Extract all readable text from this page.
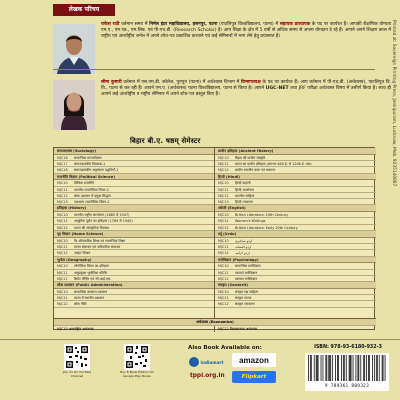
लेखक परिचय
राकेश राठी वर्तमान समय में निर्मल इंटर महाविद्यालय, हसनपुर, पटना (पाटलिपुत्र विश्वविद्यालय, पटना) में सहायक प्राध्यापक के पद पर कार्यरत हैं। आपकी शैक्षणिक योग्यता एम.ए., एम.एड., एम.लिब. एवं पी-एच.डी. (Research Scholar) है। आप शिक्षा के क्षेत्र में 5 वर्षों से अधिक समय से अपना योगदान दे रहे हैं। आपने अपने शिक्षण काल में राष्ट्रीय एवं अंतर्राष्ट्रीय जर्नल में अपने शोध-पत्र प्रकाशित करवाने एवं कई सेमिनारों में भाग लेने हेतु प्रयासरत हैं।
सीमा कुमारी वर्तमान में एस.एम.डी. कॉलेज, पुनपुन (पटना) में अर्थशास्त्र विभाग में विभागाध्यक्ष के पद पर कार्यरत हैं। आप वर्तमान में पी-एच.डी. (अर्थशास्त्र), पाटलिपुत्र वि. वि., पटना से कर रही हैं। आपने एम.ए. (अर्थशास्त्र) पटना विश्वविद्यालय, पटना से किया है। आपने UGC-NET तथा JRF परीक्षा अर्थशास्त्र विषय में उत्तीर्ण किया है। साथ ही आपने कई अंतर्राष्ट्रीय व राष्ट्रीय सेमिनार में अपने शोध-पत्र प्रस्तुत किए हैं।
बिहार बी.ए. षष्ठम् सेमेस्टर
समाजशास्त्र (Sociology)
MJC16 सामाजिक मानवविज्ञान
MJC17 समाजशास्त्रीय विचारक-1
MJC18 समाजशास्त्रीय अनुसंधान पद्धतियाँ-1
राजनीति विज्ञान (Political Science)
MJC10 वैश्विक राजनीति
MJC11 भारतीय राजनीतिक चिंतन-2
MJC12 लोक प्रशासन में प्रमुख सिद्धांत
MJC13 पाश्चात्य राजनीतिक चिंतन-2
इतिहास (History)
MJC10 भारतीय राष्ट्रीय आन्दोलन (1885 से 1947)
MJC11 आधुनिक यूरोप का इतिहास (1789 से 1945)
MJC12 भारत की सांस्कृतिक विरासत
गृह विज्ञान (Home Science)
MJC10 गैर-औपचारिक शिक्षा एवं सामाजिक शिक्षा
MJC11 मानव संसाधन एवं पारिवारिक संसाधन
MJC12 आहार विज्ञान
भूगोल (Geography)
MJC10 भौगोलिक चिंतन का इतिहास
MJC11 अनुप्रयुक्त भूगोलिक प्रविधि
MJC12 रिमोट सेंसिंग एवं जी.आई.एस.
लोक प्रशासन (Public Administration)
MJC10 सामाजिक कल्याण प्रशासन
MJC11 भारत में स्थानीय प्रशासन
MJC12 लोक नीति
प्राचीन इतिहास (Ancient History)
MJC10 बिहार की प्राचीन संस्कृति
MJC11 भारत का प्राचीन इतिहास (लगभग 650 ई. से 1206 ई. तक)
MJC12 प्राचीन भारतीय कला एवं स्थापत्य
हिन्दी (Hindi)
MJC10 हिन्दी कहानी
MJC11 हिन्दी आलोचना
MJC12 भारतीय साहित्य
MJC13 हिन्दी व्याकरण
अंग्रेजी (English)
MJC10 British Literature: 19th Century
MJC11 Women's Writings
MJC12 British Literature: Early 20th Century
उर्दू (Urdu)
MJC10 اردو شاعری
MJC11 اردو افسانہ
MJC12 اردو ڈرامہ
मनोविज्ञान (Psychology)
MJC10 सामाजिक मनोविज्ञान
MJC11 परामर्श मनोविज्ञान
MJC12 स्वास्थ्य मनोविज्ञान
संस्कृत (Sanskrit)
MJC10 संस्कृत गद्य साहित्य
MJC11 संस्कृत नाटक
MJC12 संस्कृत व्याकरण
अर्थशास्त्र (Economics)
MJC10 अन्तर्राष्ट्रीय अर्थशास्त्र	MJC12 विकासात्मक अर्थशास्त्र
Printed at: Sovereign Printing Press, Jankipuram, Lucknow, Mob. 9235140867
Join Us On YouTube Channel
Buy E-Book Edition On Google Play Books
Also Book Available on:
indiamart amazon
Flipkart
tppl.org.in
ISBN: 978-93-6180-932-3
9 789361 809323
